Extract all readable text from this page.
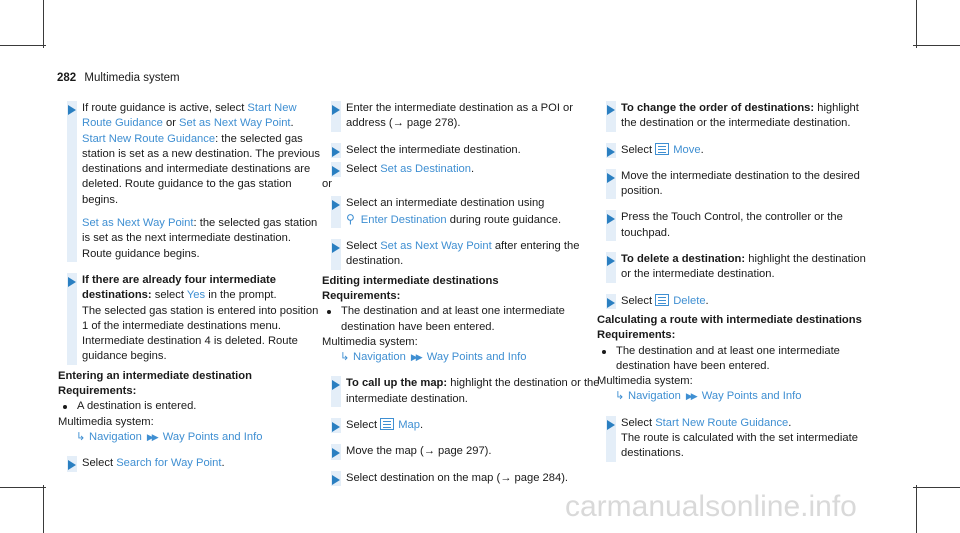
282 Multimedia system

If route guidance is active, select Start New Route Guidance or Set as Next Way Point.
Start New Route Guidance: the selected gas station is set as a new destination. The previous destinations and intermediate destinations are deleted. Route guidance to the gas station begins.

Set as Next Way Point: the selected gas station is set as the next intermediate destination. Route guidance begins.

If there are already four intermediate destinations: select Yes in the prompt.
The selected gas station is entered into position 1 of the intermediate destinations menu. Intermediate destination 4 is deleted. Route guidance begins.

Entering an intermediate destination
Requirements:
A destination is entered.
Multimedia system:
↳ Navigation ▶▶ Way Points and Info

Select Search for Way Point.

Enter the intermediate destination as a POI or address (→ page 278).

Select the intermediate destination.

Select Set as Destination.

or

Select an intermediate destination using
⚲ Enter Destination during route guidance.

Select Set as Next Way Point after entering the destination.

Editing intermediate destinations
Requirements:
The destination and at least one intermediate destination have been entered.
Multimedia system:
↳ Navigation ▶▶ Way Points and Info

To call up the map: highlight the destination or the intermediate destination.

Select
Map.

Move the map (→ page 297).

Select destination on the map (→ page 284).

To change the order of destinations: highlight the destination or the intermediate destination.

Select
Move.

Move the intermediate destination to the desired position.

Press the Touch Control, the controller or the touchpad.

To delete a destination: highlight the destination or the intermediate destination.

Select
Delete.

Calculating a route with intermediate destinations
Requirements:
The destination and at least one intermediate destination have been entered.
Multimedia system:
↳ Navigation ▶▶ Way Points and Info

Select Start New Route Guidance.
The route is calculated with the set intermediate destinations.

carmanualsonline.info
